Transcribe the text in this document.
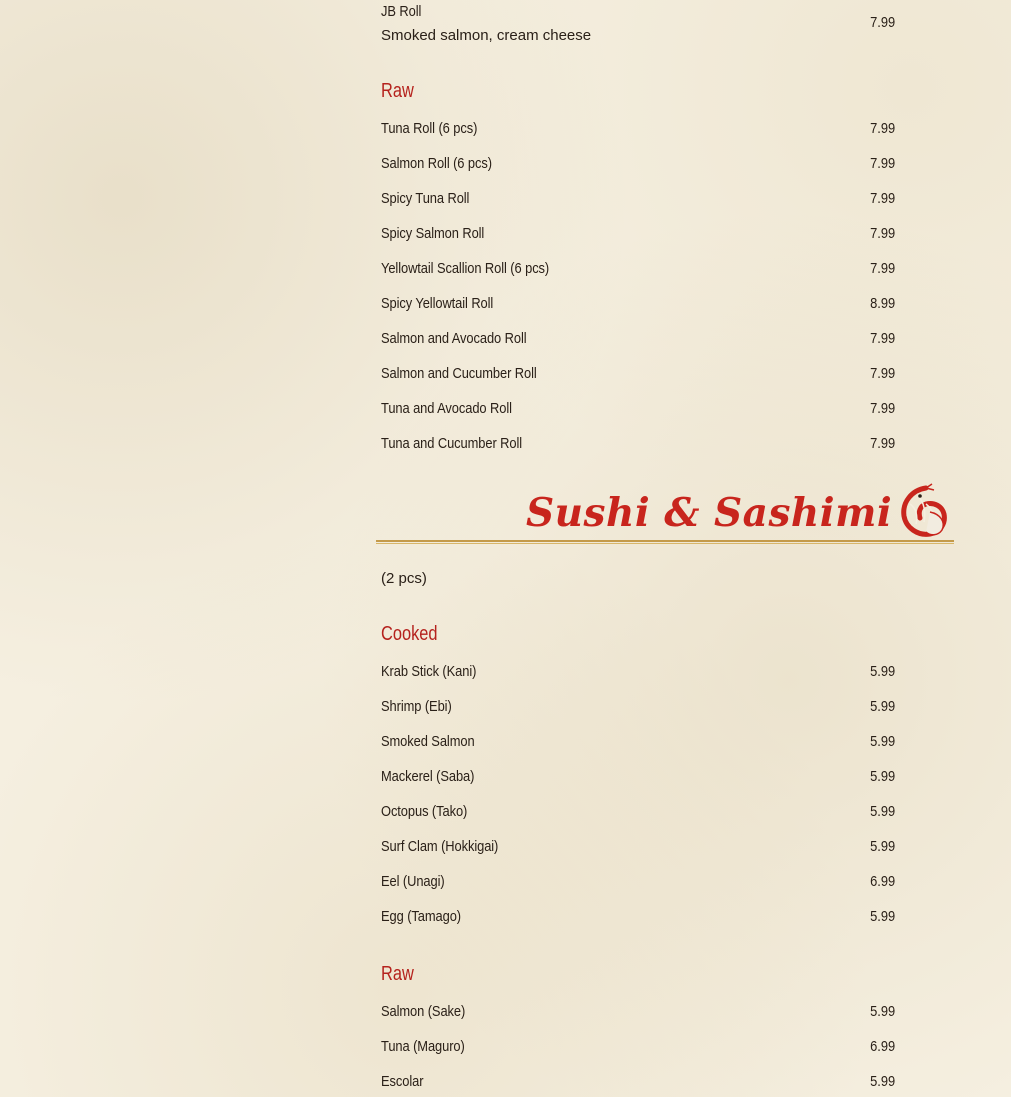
JB Roll
Smoked salmon, cream cheese
7.99
Raw
Tuna Roll (6 pcs)	7.99
Salmon Roll (6 pcs)	7.99
Spicy Tuna Roll	7.99
Spicy Salmon Roll	7.99
Yellowtail Scallion Roll (6 pcs)	7.99
Spicy Yellowtail Roll	8.99
Salmon and Avocado Roll	7.99
Salmon and Cucumber Roll	7.99
Tuna and Avocado Roll	7.99
Tuna and Cucumber Roll	7.99
Sushi & Sashimi
(2 pcs)
Cooked
Krab Stick (Kani)	5.99
Shrimp (Ebi)	5.99
Smoked Salmon	5.99
Mackerel (Saba)	5.99
Octopus (Tako)	5.99
Surf Clam (Hokkigai)	5.99
Eel (Unagi)	6.99
Egg (Tamago)	5.99
Raw
Salmon (Sake)	5.99
Tuna (Maguro)	6.99
Escolar	5.99
